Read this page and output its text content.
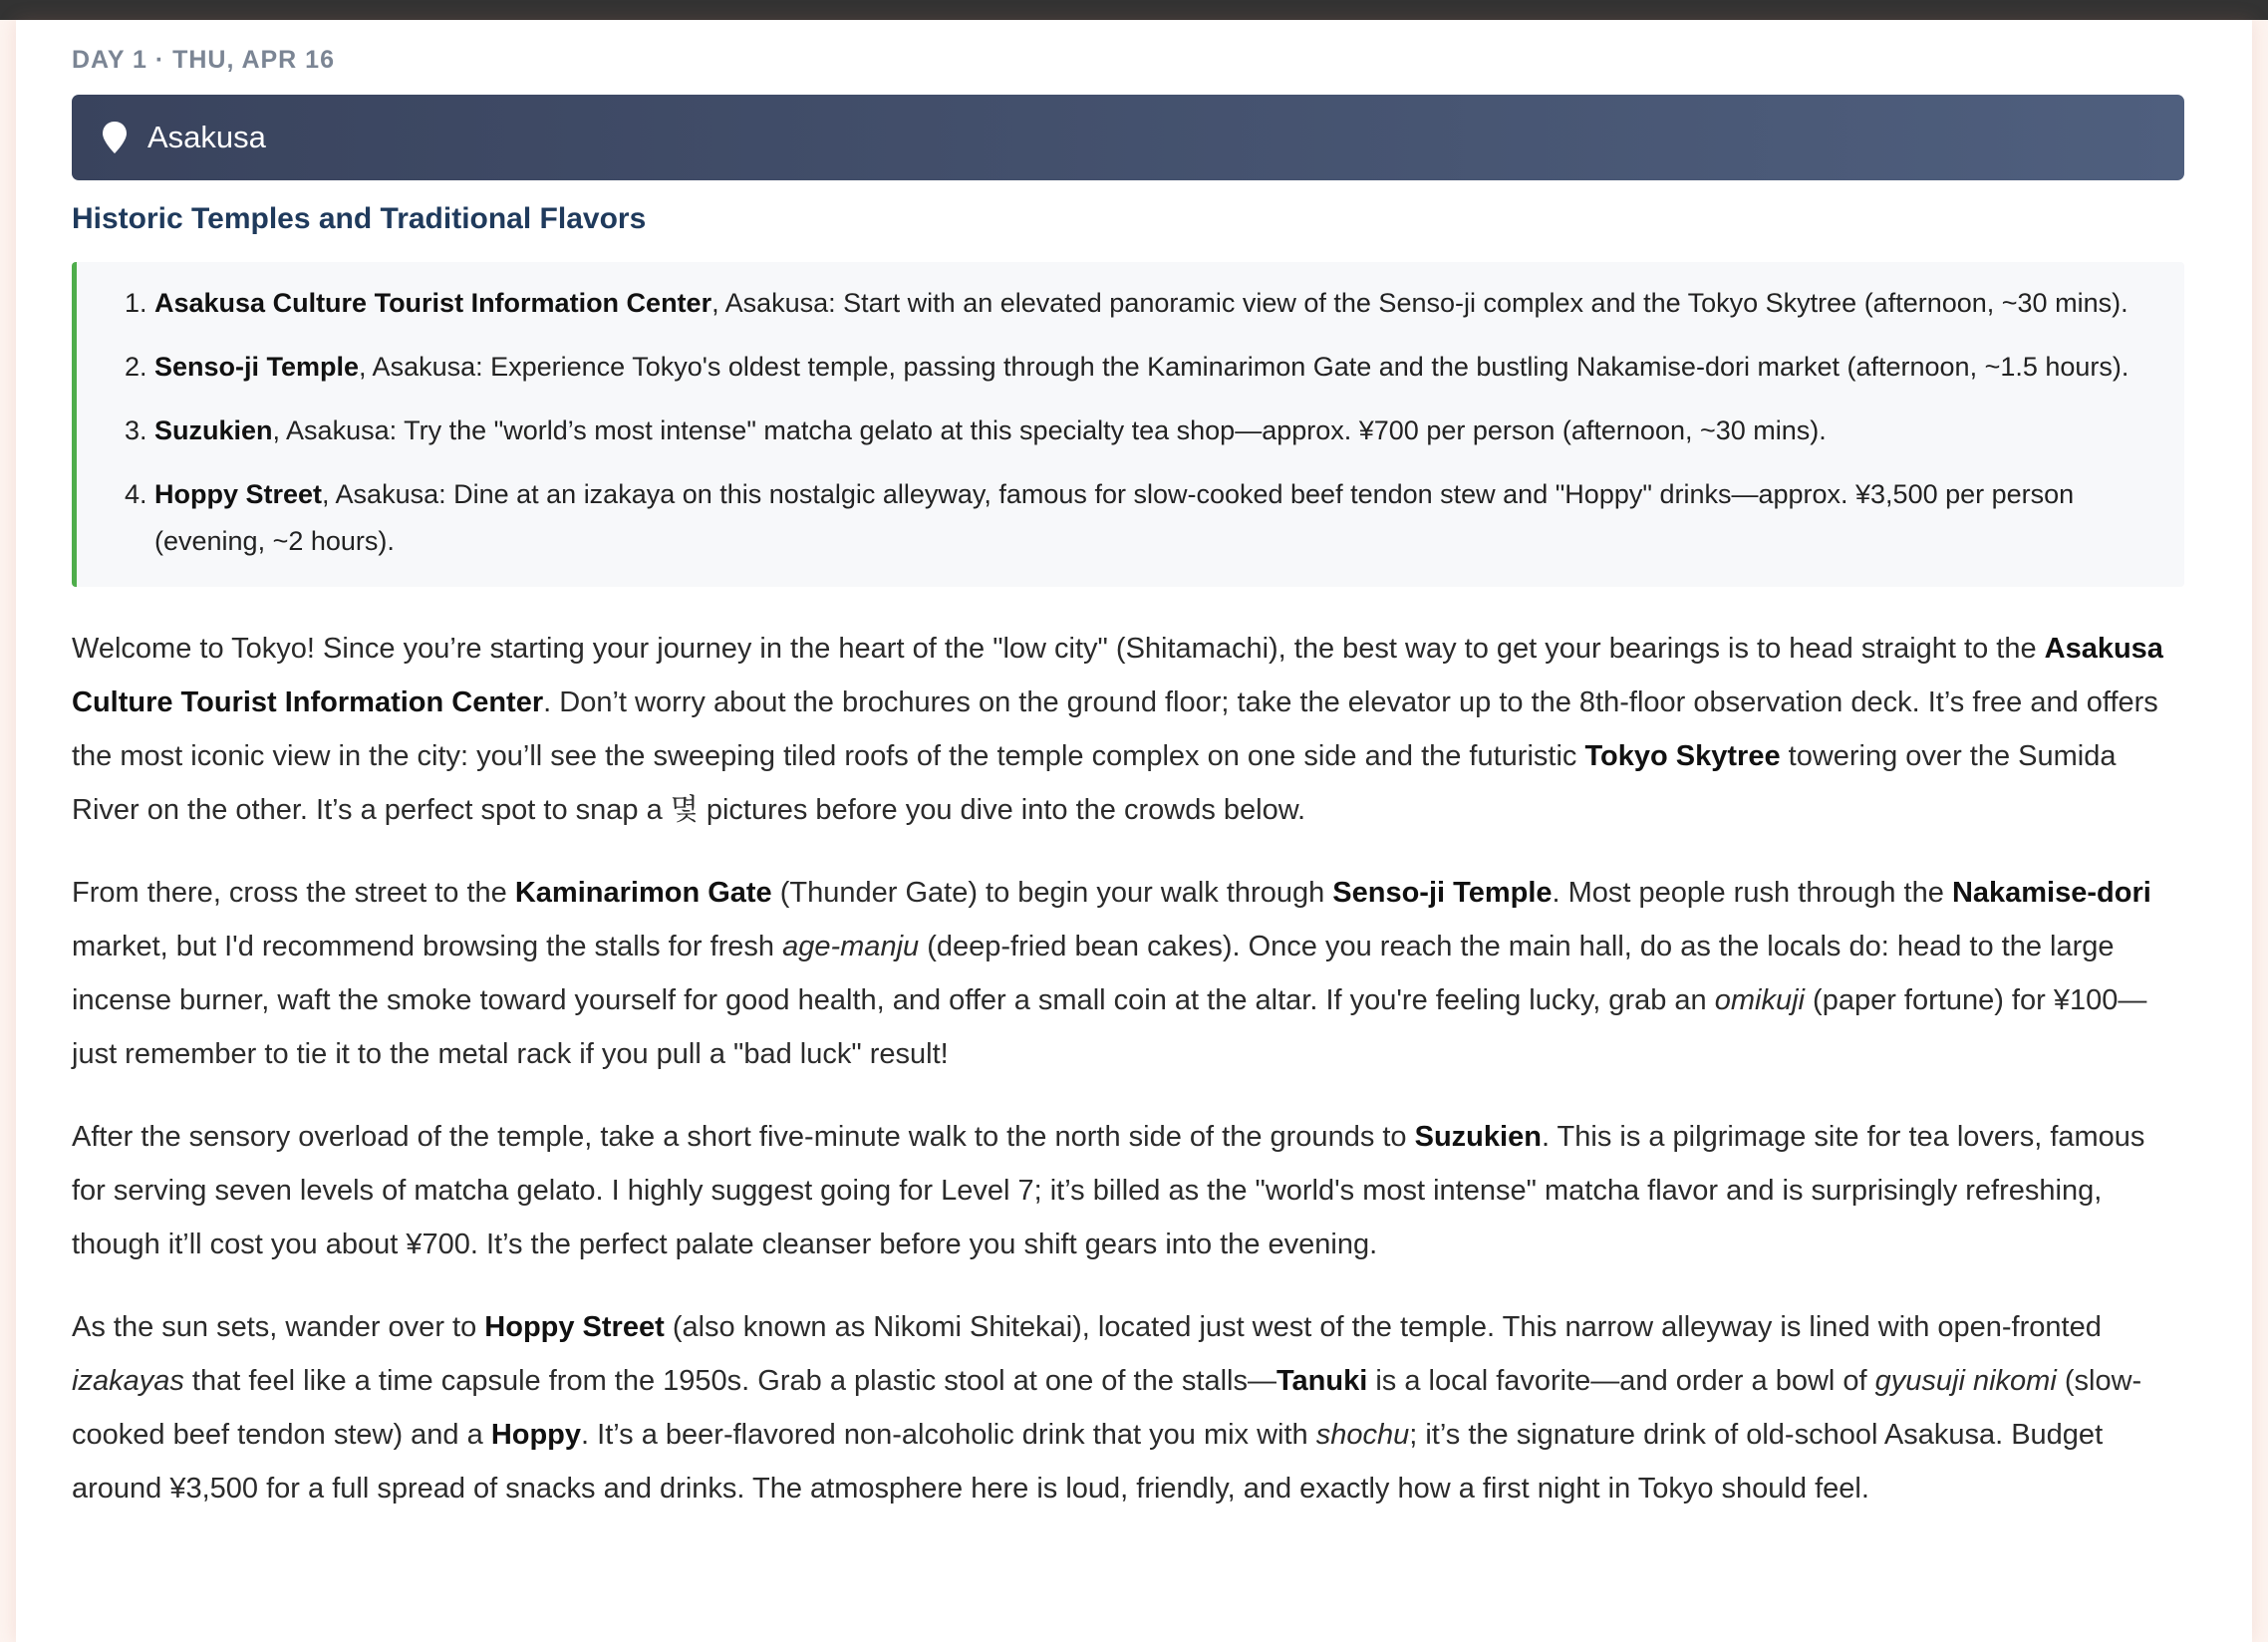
DAY 1 · THU, APR 16
Asakusa
Historic Temples and Traditional Flavors
1. Asakusa Culture Tourist Information Center, Asakusa: Start with an elevated panoramic view of the Senso-ji complex and the Tokyo Skytree (afternoon, ~30 mins).
2. Senso-ji Temple, Asakusa: Experience Tokyo's oldest temple, passing through the Kaminarimon Gate and the bustling Nakamise-dori market (afternoon, ~1.5 hours).
3. Suzukien, Asakusa: Try the "world’s most intense" matcha gelato at this specialty tea shop—approx. ¥700 per person (afternoon, ~30 mins).
4. Hoppy Street, Asakusa: Dine at an izakaya on this nostalgic alleyway, famous for slow-cooked beef tendon stew and "Hoppy" drinks—approx. ¥3,500 per person (evening, ~2 hours).

Welcome to Tokyo! Since you’re starting your journey in the heart of the "low city" (Shitamachi), the best way to get your bearings is to head straight to the Asakusa Culture Tourist Information Center. Don’t worry about the brochures on the ground floor; take the elevator up to the 8th-floor observation deck. It’s free and offers the most iconic view in the city: you’ll see the sweeping tiled roofs of the temple complex on one side and the futuristic Tokyo Skytree towering over the Sumida River on the other. It’s a perfect spot to snap a 몇 pictures before you dive into the crowds below.

From there, cross the street to the Kaminarimon Gate (Thunder Gate) to begin your walk through Senso-ji Temple. Most people rush through the Nakamise-dori market, but I'd recommend browsing the stalls for fresh age-manju (deep-fried bean cakes). Once you reach the main hall, do as the locals do: head to the large incense burner, waft the smoke toward yourself for good health, and offer a small coin at the altar. If you're feeling lucky, grab an omikuji (paper fortune) for ¥100—just remember to tie it to the metal rack if you pull a "bad luck" result!

After the sensory overload of the temple, take a short five-minute walk to the north side of the grounds to Suzukien. This is a pilgrimage site for tea lovers, famous for serving seven levels of matcha gelato. I highly suggest going for Level 7; it’s billed as the "world's most intense" matcha flavor and is surprisingly refreshing, though it’ll cost you about ¥700. It’s the perfect palate cleanser before you shift gears into the evening.

As the sun sets, wander over to Hoppy Street (also known as Nikomi Shitekai), located just west of the temple. This narrow alleyway is lined with open-fronted izakayas that feel like a time capsule from the 1950s. Grab a plastic stool at one of the stalls—Tanuki is a local favorite—and order a bowl of gyusuji nikomi (slow-cooked beef tendon stew) and a Hoppy. It’s a beer-flavored non-alcoholic drink that you mix with shochu; it’s the signature drink of old-school Asakusa. Budget around ¥3,500 for a full spread of snacks and drinks. The atmosphere here is loud, friendly, and exactly how a first night in Tokyo should feel.
